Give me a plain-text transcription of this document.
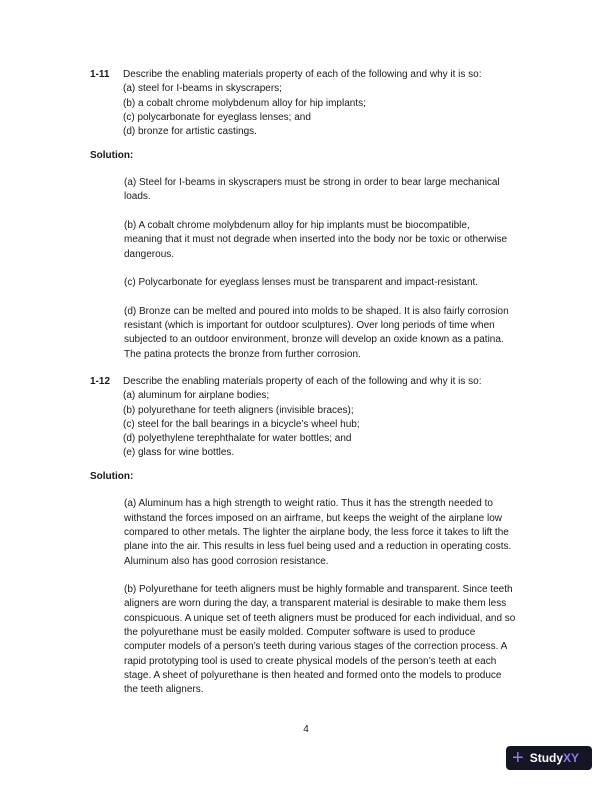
1-11 Describe the enabling materials property of each of the following and why it is so:
(a) steel for I-beams in skyscrapers;
(b) a cobalt chrome molybdenum alloy for hip implants;
(c) polycarbonate for eyeglass lenses; and
(d) bronze for artistic castings.
Solution:
(a) Steel for I-beams in skyscrapers must be strong in order to bear large mechanical
loads.
(b) A cobalt chrome molybdenum alloy for hip implants must be biocompatible,
meaning that it must not degrade when inserted into the body nor be toxic or otherwise
dangerous.
(c) Polycarbonate for eyeglass lenses must be transparent and impact-resistant.
(d) Bronze can be melted and poured into molds to be shaped. It is also fairly corrosion
resistant (which is important for outdoor sculptures). Over long periods of time when
subjected to an outdoor environment, bronze will develop an oxide known as a patina.
The patina protects the bronze from further corrosion.
1-12 Describe the enabling materials property of each of the following and why it is so:
(a) aluminum for airplane bodies;
(b) polyurethane for teeth aligners (invisible braces);
(c) steel for the ball bearings in a bicycle’s wheel hub;
(d) polyethylene terephthalate for water bottles; and
(e) glass for wine bottles.
Solution:
(a) Aluminum has a high strength to weight ratio. Thus it has the strength needed to
withstand the forces imposed on an airframe, but keeps the weight of the airplane low
compared to other metals. The lighter the airplane body, the less force it takes to lift the
plane into the air. This results in less fuel being used and a reduction in operating costs.
Aluminum also has good corrosion resistance.
(b) Polyurethane for teeth aligners must be highly formable and transparent. Since teeth
aligners are worn during the day, a transparent material is desirable to make them less
conspicuous. A unique set of teeth aligners must be produced for each individual, and so
the polyurethane must be easily molded. Computer software is used to produce
computer models of a person’s teeth during various stages of the correction process. A
rapid prototyping tool is used to create physical models of the person’s teeth at each
stage. A sheet of polyurethane is then heated and formed onto the models to produce
the teeth aligners.
4
+ StudyXY
